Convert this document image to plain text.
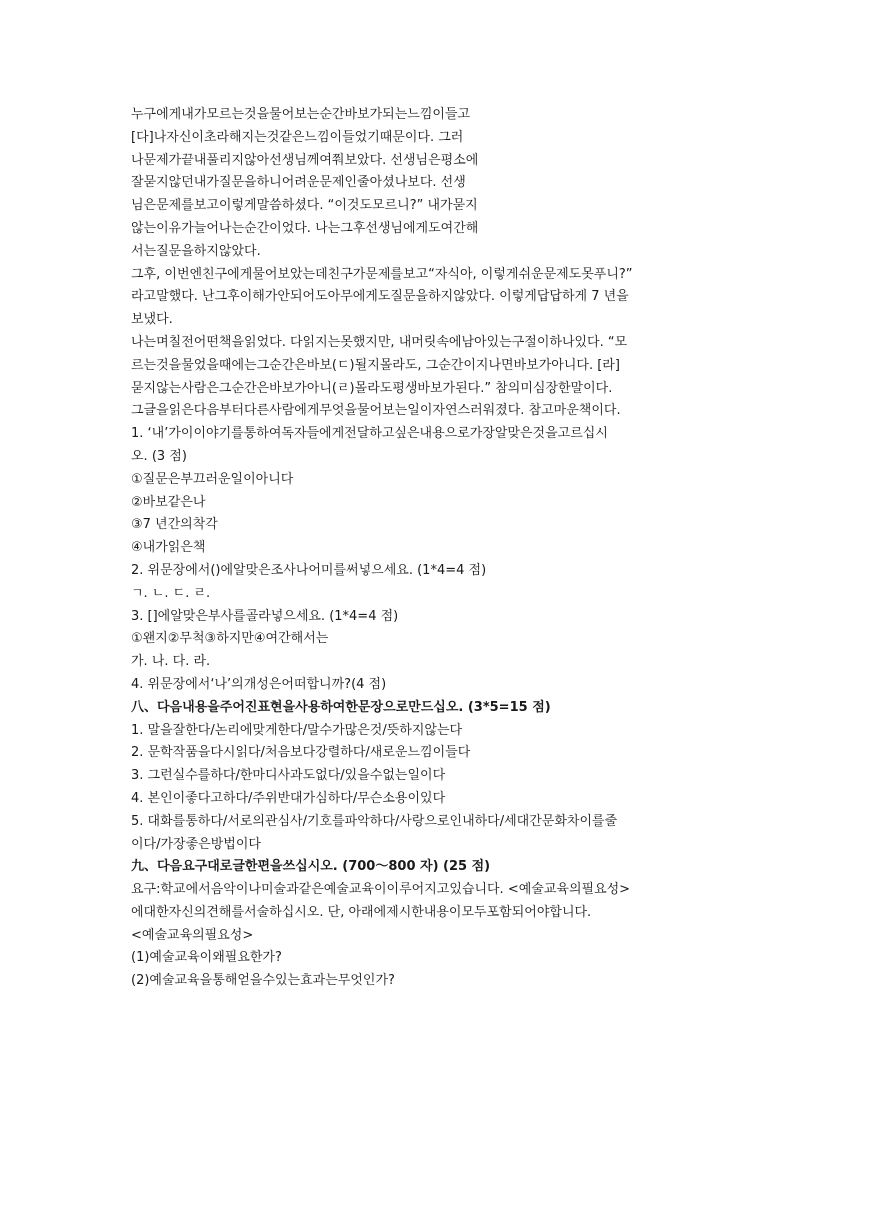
누구에게내가모르는것을물어보는순간바보가되는느낌이들고
[다]나자신이초라해지는것같은느낌이들었기때문이다. 그러
나문제가끝내풀리지않아선생님께여쭤보았다. 선생님은평소에
잘묻지않던내가질문을하니어려운문제인줄아셨나보다. 선생
님은문제를보고이렇게말씀하셨다. “이것도모르니?” 내가묻지
않는이유가늘어나는순간이었다. 나는그후선생님에게도여간해
서는질문을하지않았다.
그후, 이번엔친구에게물어보았는데친구가문제를보고“자식아, 이렇게쉬운문제도못푸니?”
라고말했다. 난그후이해가안되어도아무에게도질문을하지않았다. 이렇게답답하게 7 년을
보냈다.
나는며칠전어떤책을읽었다. 다읽지는못했지만, 내머릿속에남아있는구절이하나있다. “모
르는것을물었을때에는그순간은바보(ㄷ)될지몰라도, 그순간이지나면바보가아니다. [라]
묻지않는사람은그순간은바보가아니(ㄹ)몰라도평생바보가된다.” 참의미심장한말이다.
그글을읽은다음부터다른사람에게무엇을물어보는일이자연스러워졌다. 참고마운책이다.
1. ‘내’가이이야기를통하여독자들에게전달하고싶은내용으로가장알맞은것을고르십시
오. (3 점)
①질문은부끄러운일이아니다
②바보같은나
③7 년간의착각
④내가읽은책
2. 위문장에서()에알맞은조사나어미를써넣으세요. (1*4=4 점)
ㄱ. ㄴ. ㄷ. ㄹ.
3. []에알맞은부사를골라넣으세요. (1*4=4 점)
①왠지②무척③하지만④여간해서는
가. 나. 다. 라.
4. 위문장에서‘나’의개성은어떠합니까?(4 점)
八、다음내용을주어진표현을사용하여한문장으로만드십오. (3*5=15 점)
1. 말을잘한다/논리에맞게한다/말수가많은것/뜻하지않는다
2. 문학작품을다시읽다/처음보다강렬하다/새로운느낌이들다
3. 그런실수를하다/한마디사과도없다/있을수없는일이다
4. 본인이좋다고하다/주위반대가심하다/무슨소용이있다
5. 대화를통하다/서로의관심사/기호를파악하다/사랑으로인내하다/세대간문화차이를줄
이다/가장좋은방법이다
九、다음요구대로글한편을쓰십시오. (700～800 자) (25 점)
요구:학교에서음악이나미술과같은예술교육이이루어지고있습니다. <예술교육의필요성>
에대한자신의견해를서술하십시오. 단, 아래에제시한내용이모두포함되어야합니다.
<예술교육의필요성>
(1)예술교육이왜필요한가?
(2)예술교육을통해얻을수있는효과는무엇인가?
